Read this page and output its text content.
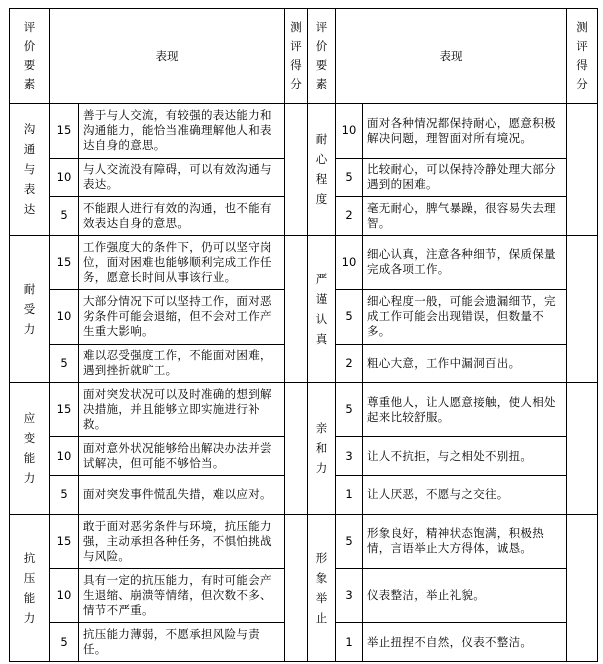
评价要素	表现		测评得分	评价要素	表现		测评得分

沟通与表达	15	善于与人交流，有较强的表达能力和沟通能力，能恰当准确理解他人和表达自身的意思。		耐心程度	10	面对各种情况都保持耐心，愿意积极解决问题，理智面对所有境况。	
	10	与人交流没有障碍，可以有效沟通与表达。			5	比较耐心，可以保持冷静处理大部分遇到的困难。	
	5	不能跟人进行有效的沟通，也不能有效表达自身的意思。			2	毫无耐心，脾气暴躁，很容易失去理智。	

耐受力	15	工作强度大的条件下，仍可以坚守岗位，面对困难也能够顺利完成工作任务，愿意长时间从事该行业。		严谨认真	10	细心认真，注意各种细节，保质保量完成各项工作。	
	10	大部分情况下可以坚持工作，面对恶劣条件可能会退缩，但不会对工作产生重大影响。			5	细心程度一般，可能会遗漏细节，完成工作可能会出现错误，但数量不多。	
	5	难以忍受强度工作，不能面对困难，遇到挫折就旷工。			2	粗心大意，工作中漏洞百出。	

应变能力	15	面对突发状况可以及时准确的想到解决措施，并且能够立即实施进行补救。		亲和力	5	尊重他人，让人愿意接触，使人相处起来比较舒服。	
	10	面对意外状况能够给出解决办法并尝试解决，但可能不够恰当。			3	让人不抗拒，与之相处不别扭。	
	5	面对突发事件慌乱失措，难以应对。			1	让人厌恶，不愿与之交往。	

抗压能力	15	敢于面对恶劣条件与环境，抗压能力强，主动承担各种任务，不惧怕挑战与风险。		形象举止	5	形象良好，精神状态饱满，积极热情，言语举止大方得体，诚恳。	
	10	具有一定的抗压能力，有时可能会产生退缩、崩溃等情绪，但次数不多、情节不严重。			3	仪表整洁，举止礼貌。	
	5	抗压能力薄弱，不愿承担风险与责任。			1	举止扭捏不自然，仪表不整洁。	
